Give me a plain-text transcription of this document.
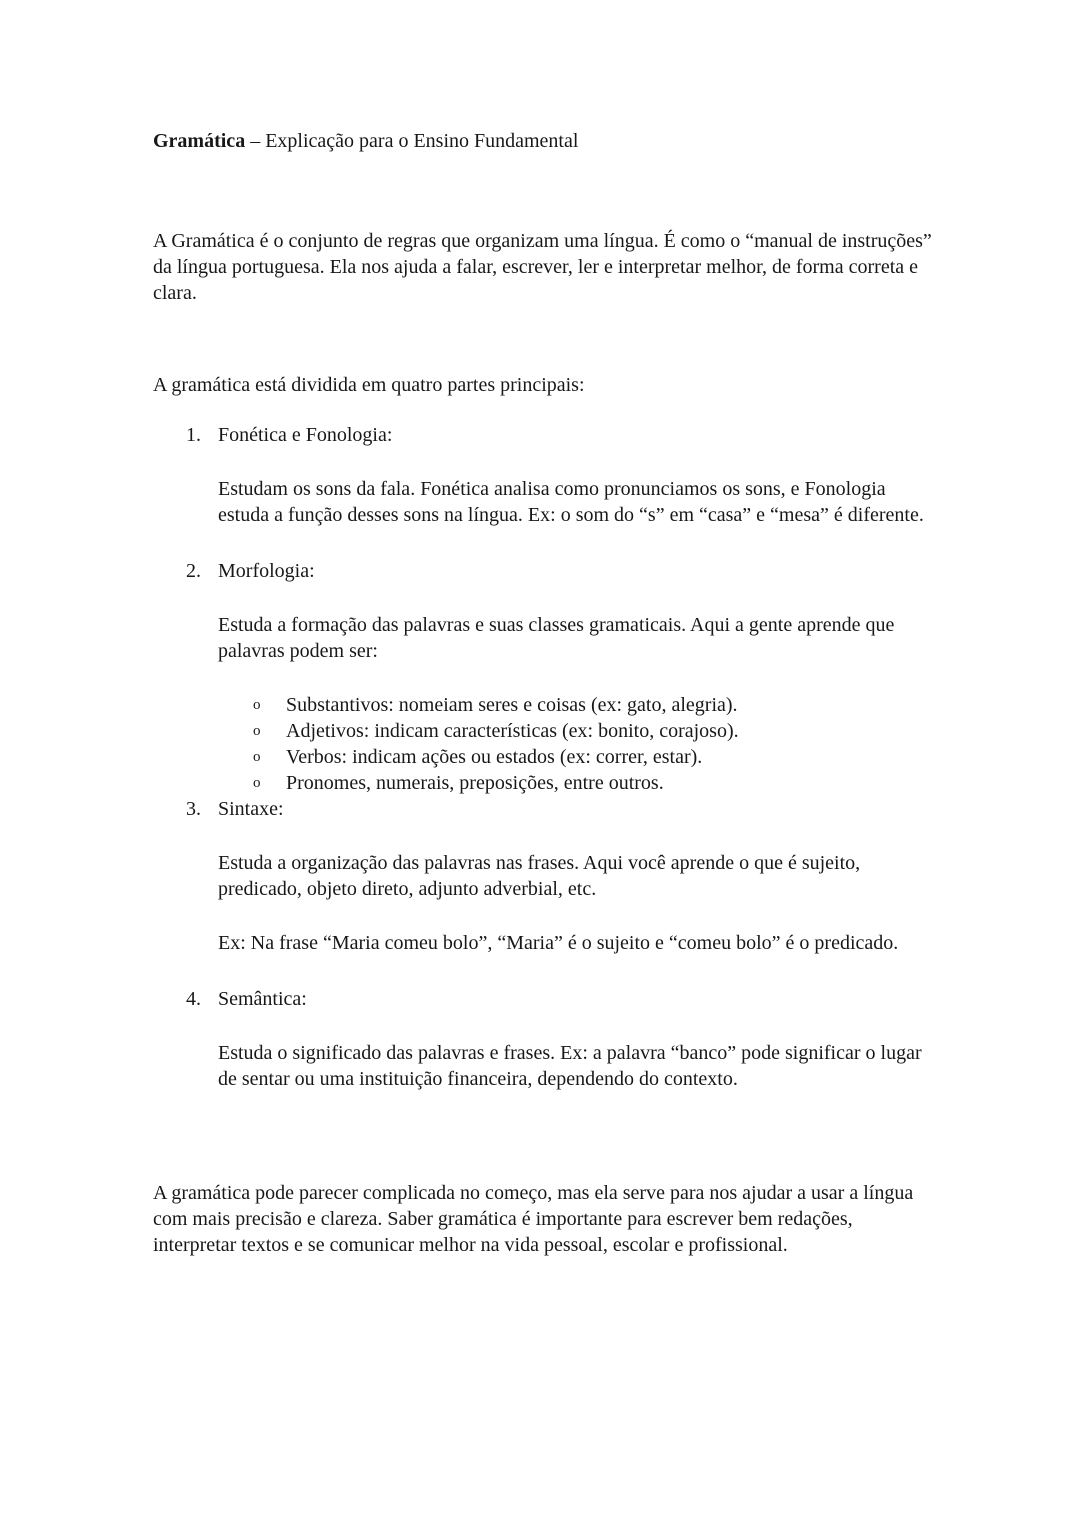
Gramática – Explicação para o Ensino Fundamental

A Gramática é o conjunto de regras que organizam uma língua. É como o “manual de instruções” da língua portuguesa. Ela nos ajuda a falar, escrever, ler e interpretar melhor, de forma correta e clara.

A gramática está dividida em quatro partes principais:

1. Fonética e Fonologia:

Estudam os sons da fala. Fonética analisa como pronunciamos os sons, e Fonologia estuda a função desses sons na língua. Ex: o som do “s” em “casa” e “mesa” é diferente.

2. Morfologia:

Estuda a formação das palavras e suas classes gramaticais. Aqui a gente aprende que palavras podem ser:

o Substantivos: nomeiam seres e coisas (ex: gato, alegria).
o Adjetivos: indicam características (ex: bonito, corajoso).
o Verbos: indicam ações ou estados (ex: correr, estar).
o Pronomes, numerais, preposições, entre outros.
3. Sintaxe:

Estuda a organização das palavras nas frases. Aqui você aprende o que é sujeito, predicado, objeto direto, adjunto adverbial, etc.

Ex: Na frase “Maria comeu bolo”, “Maria” é o sujeito e “comeu bolo” é o predicado.

4. Semântica:

Estuda o significado das palavras e frases. Ex: a palavra “banco” pode significar o lugar de sentar ou uma instituição financeira, dependendo do contexto.

A gramática pode parecer complicada no começo, mas ela serve para nos ajudar a usar a língua com mais precisão e clareza. Saber gramática é importante para escrever bem redações, interpretar textos e se comunicar melhor na vida pessoal, escolar e profissional.
